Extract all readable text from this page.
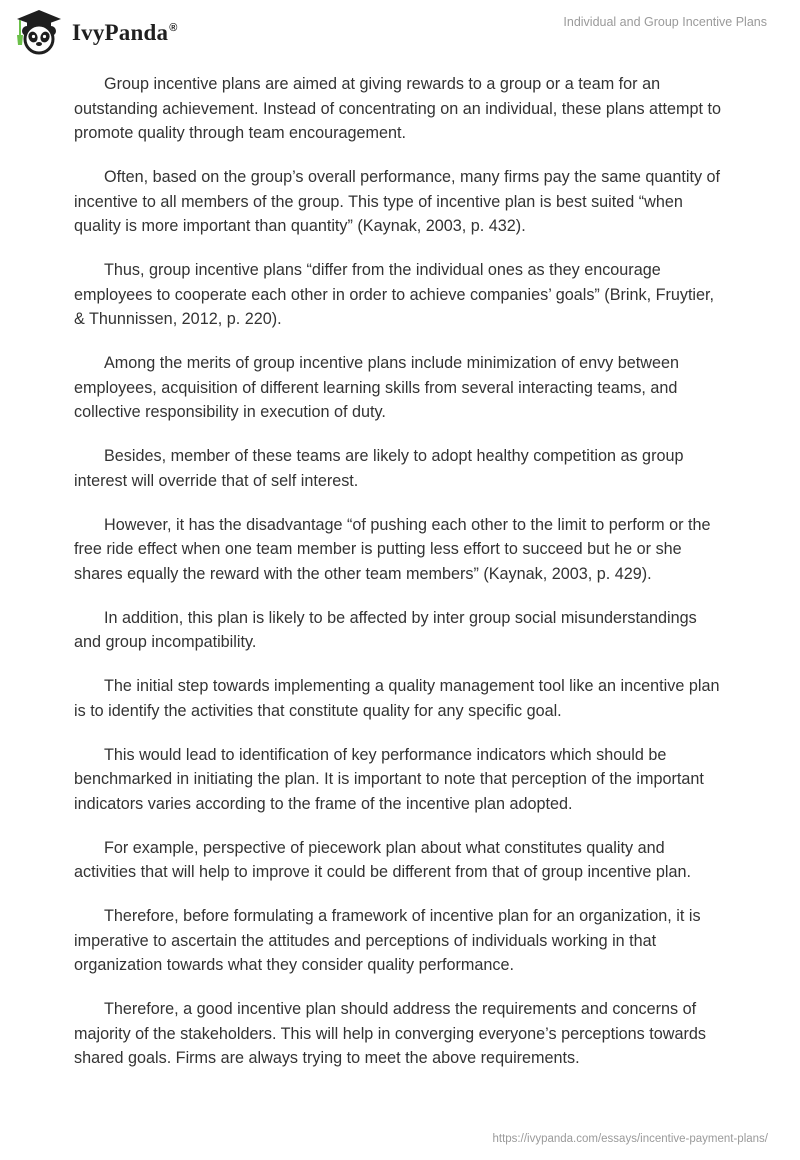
IvyPanda®	Individual and Group Incentive Plans

Group incentive plans are aimed at giving rewards to a group or a team for an outstanding achievement. Instead of concentrating on an individual, these plans attempt to promote quality through team encouragement.

Often, based on the group’s overall performance, many firms pay the same quantity of incentive to all members of the group. This type of incentive plan is best suited “when quality is more important than quantity” (Kaynak, 2003, p. 432).

Thus, group incentive plans “differ from the individual ones as they encourage employees to cooperate each other in order to achieve companies’ goals” (Brink, Fruytier, & Thunnissen, 2012, p. 220).

Among the merits of group incentive plans include minimization of envy between employees, acquisition of different learning skills from several interacting teams, and collective responsibility in execution of duty.

Besides, member of these teams are likely to adopt healthy competition as group interest will override that of self interest.

However, it has the disadvantage “of pushing each other to the limit to perform or the free ride effect when one team member is putting less effort to succeed but he or she shares equally the reward with the other team members” (Kaynak, 2003, p. 429).

In addition, this plan is likely to be affected by inter group social misunderstandings and group incompatibility.

The initial step towards implementing a quality management tool like an incentive plan is to identify the activities that constitute quality for any specific goal.

This would lead to identification of key performance indicators which should be benchmarked in initiating the plan. It is important to note that perception of the important indicators varies according to the frame of the incentive plan adopted.

For example, perspective of piecework plan about what constitutes quality and activities that will help to improve it could be different from that of group incentive plan.

Therefore, before formulating a framework of incentive plan for an organization, it is imperative to ascertain the attitudes and perceptions of individuals working in that organization towards what they consider quality performance.

Therefore, a good incentive plan should address the requirements and concerns of majority of the stakeholders. This will help in converging everyone’s perceptions towards shared goals. Firms are always trying to meet the above requirements.

https://ivypanda.com/essays/incentive-payment-plans/
